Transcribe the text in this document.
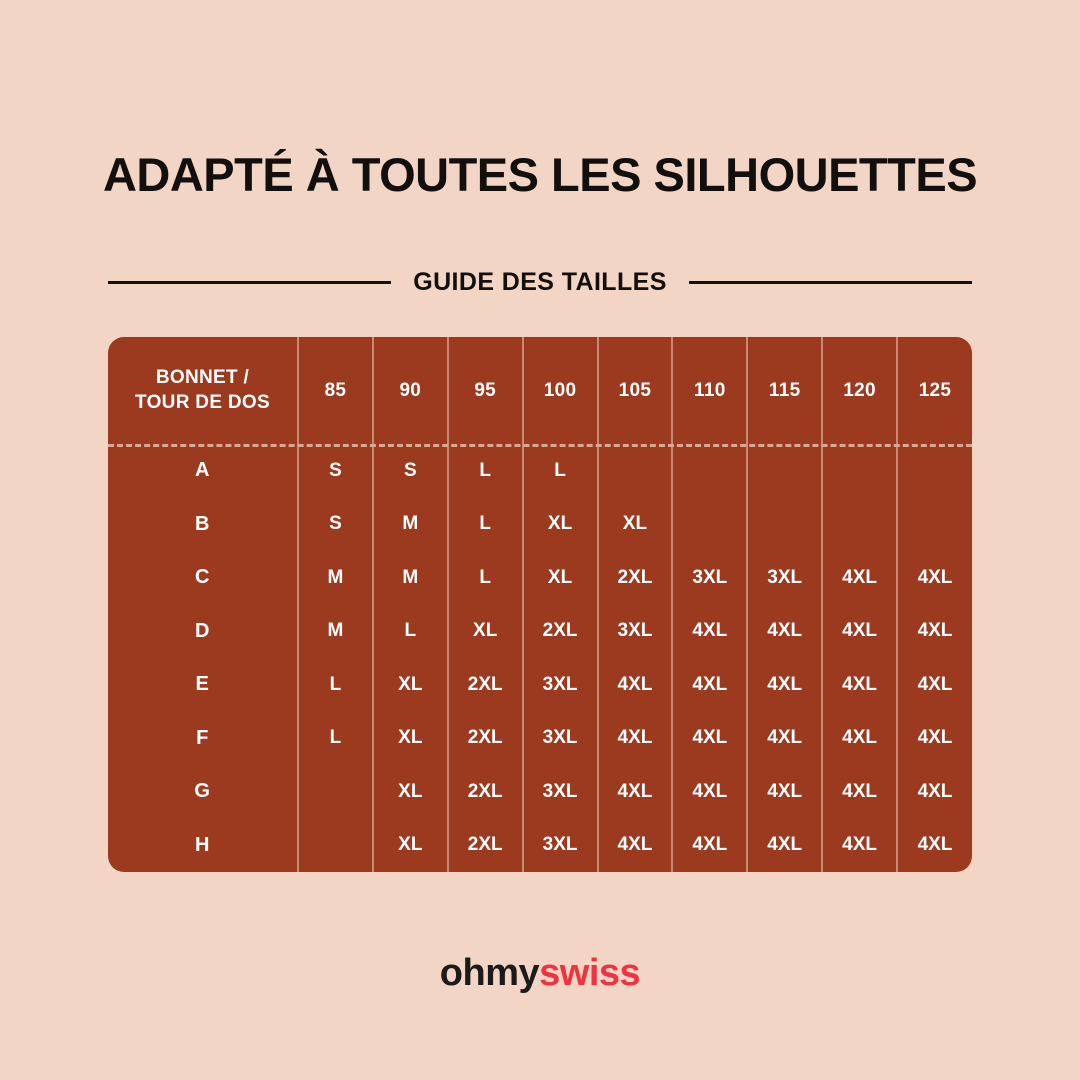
ADAPTÉ À TOUTES LES SILHOUETTES
GUIDE DES TAILLES
BONNET /
TOUR DE DOS	85	90	95	100	105	110	115	120	125
A	S	S	L	L					
B	S	M	L	XL	XL				
C	M	M	L	XL	2XL	3XL	3XL	4XL	4XL
D	M	L	XL	2XL	3XL	4XL	4XL	4XL	4XL
E	L	XL	2XL	3XL	4XL	4XL	4XL	4XL	4XL
F	L	XL	2XL	3XL	4XL	4XL	4XL	4XL	4XL
G		XL	2XL	3XL	4XL	4XL	4XL	4XL	4XL
H		XL	2XL	3XL	4XL	4XL	4XL	4XL	4XL
ohmyswiss
